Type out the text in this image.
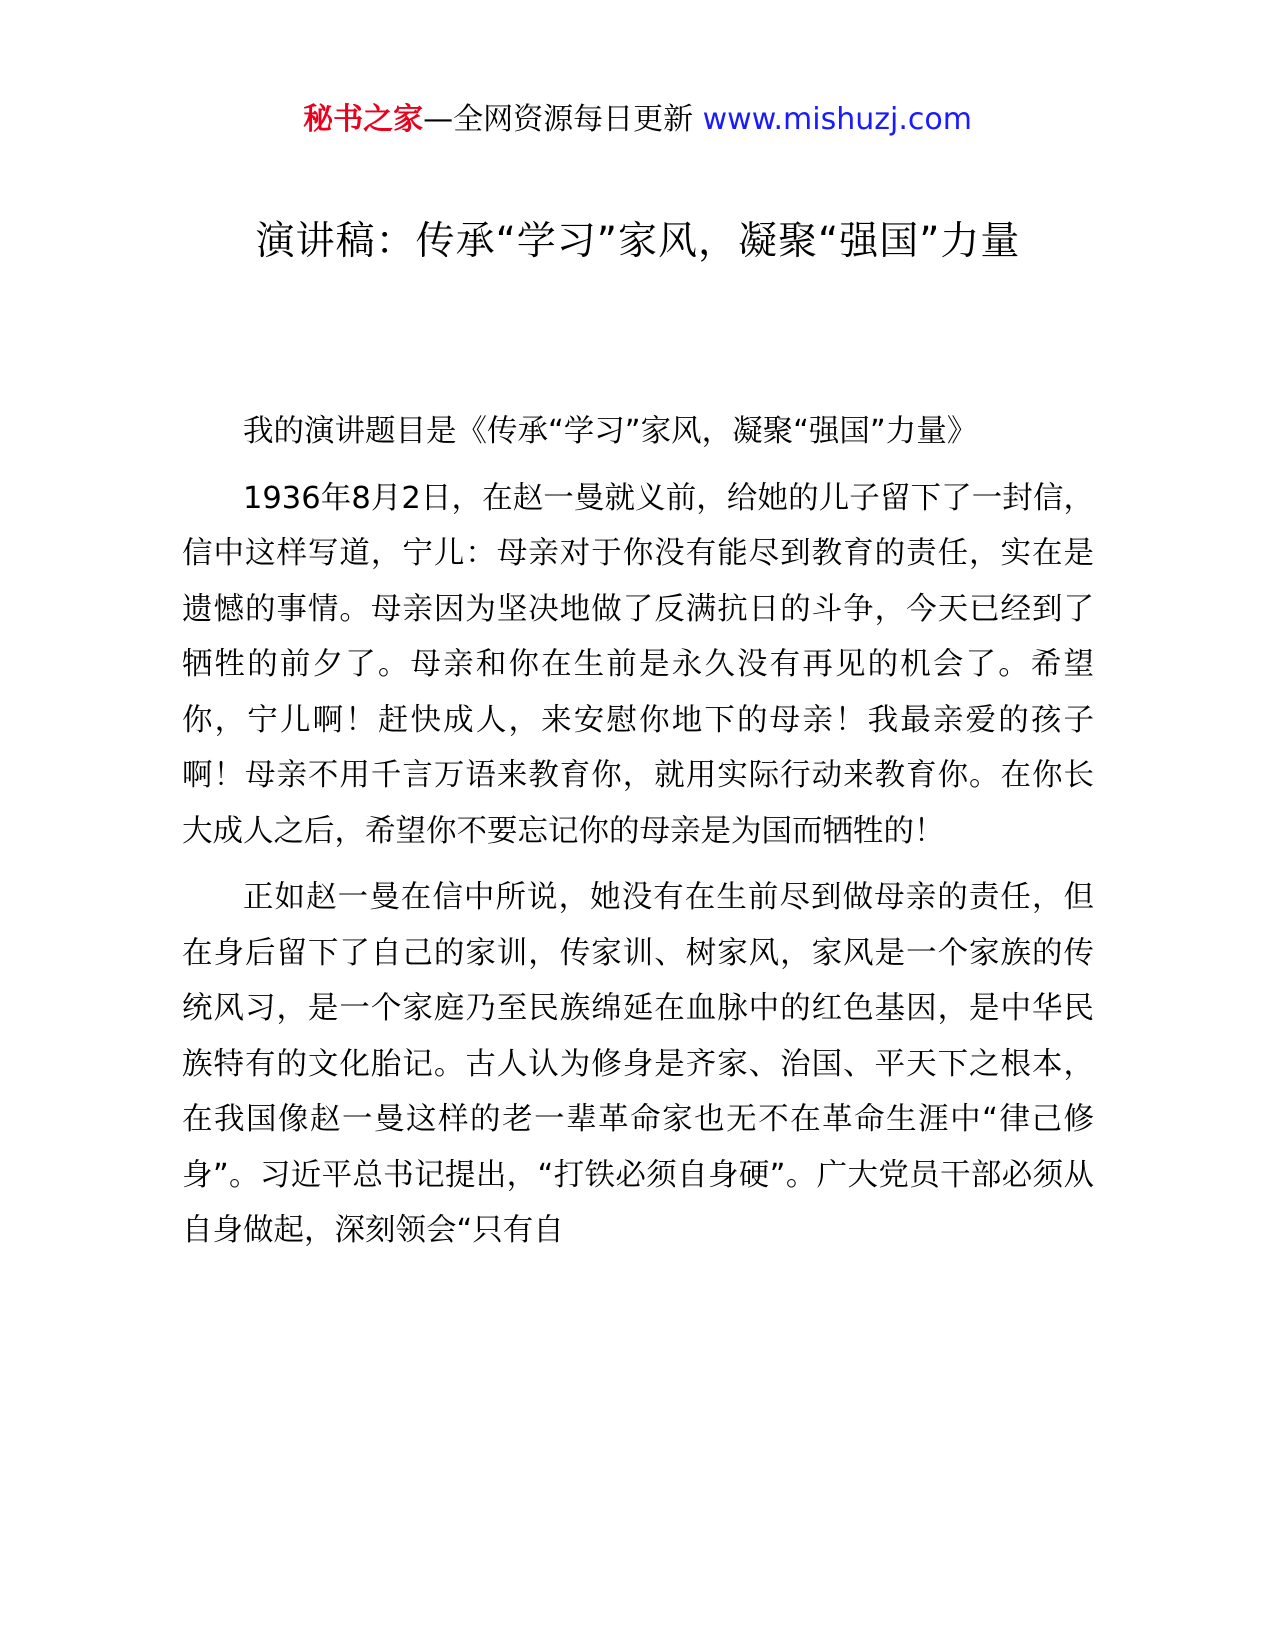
秘书之家—全网资源每日更新 www.mishuzj.com
演讲稿：传承“学习”家风，凝聚“强国”力量

我的演讲题目是《传承“学习”家风，凝聚“强国”力量》

1936年8月2日，在赵一曼就义前，给她的儿子留下了一封信，信中这样写道，宁儿：母亲对于你没有能尽到教育的责任，实在是遗憾的事情。母亲因为坚决地做了反满抗日的斗争，今天已经到了牺牲的前夕了。母亲和你在生前是永久没有再见的机会了。希望你，宁儿啊！赶快成人，来安慰你地下的母亲！我最亲爱的孩子啊！母亲不用千言万语来教育你，就用实际行动来教育你。在你长大成人之后，希望你不要忘记你的母亲是为国而牺牲的！

正如赵一曼在信中所说，她没有在生前尽到做母亲的责任，但在身后留下了自己的家训，传家训、树家风，家风是一个家族的传统风习，是一个家庭乃至民族绵延在血脉中的红色基因，是中华民族特有的文化胎记。古人认为修身是齐家、治国、平天下之根本，在我国像赵一曼这样的老一辈革命家也无不在革命生涯中“律己修身”。习近平总书记提出，“打铁必须自身硬”。广大党员干部必须从自身做起，深刻领会“只有自
